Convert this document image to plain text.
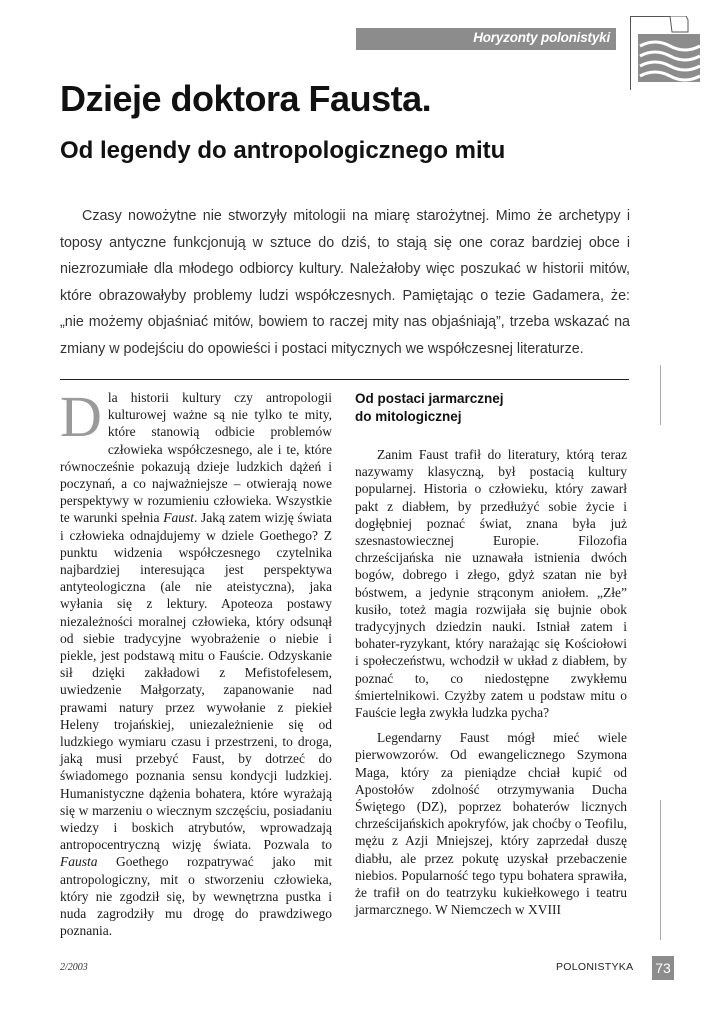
Horyzonty polonistyki
Dzieje doktora Fausta.
Od legendy do antropologicznego mitu

Czasy nowożytne nie stworzyły mitologii na miarę starożytnej. Mimo że archetypy i toposy antyczne funkcjonują w sztuce do dziś, to stają się one coraz bardziej obce i niezrozumiałe dla młodego odbiorcy kultury. Należałoby więc poszukać w historii mitów, które obrazowałyby problemy ludzi współczesnych. Pamiętając o tezie Gadamera, że: „nie możemy objaśniać mitów, bowiem to raczej mity nas objaśniają”, trzeba wskazać na zmiany w podejściu do opowieści i postaci mitycznych we współczesnej literaturze.

Dla historii kultury czy antropologii kulturowej ważne są nie tylko te mity, które stanowią odbicie problemów człowieka współczesnego, ale i te, które równocześnie pokazują dzieje ludzkich dążeń i poczynań, a co najważniejsze – otwierają nowe perspektywy w rozumieniu człowieka. Wszystkie te warunki spełnia Faust. Jaką zatem wizję świata i człowieka odnajdujemy w dziele Goethego? Z punktu widzenia współczesnego czytelnika najbardziej interesująca jest perspektywa antyteologiczna (ale nie ateistyczna), jaka wyłania się z lektury. Apoteoza postawy niezależności moralnej człowieka, który odsunął od siebie tradycyjne wyobrażenie o niebie i piekle, jest podstawą mitu o Fauście. Odzyskanie sił dzięki zakładowi z Mefistofelesem, uwiedzenie Małgorzaty, zapanowanie nad prawami natury przez wywołanie z piekieł Heleny trojańskiej, uniezależnienie się od ludzkiego wymiaru czasu i przestrzeni, to droga, jaką musi przebyć Faust, by dotrzeć do świadomego poznania sensu kondycji ludzkiej. Humanistyczne dążenia bohatera, które wyrażają się w marzeniu o wiecznym szczęściu, posiadaniu wiedzy i boskich atrybutów, wprowadzają antropocentryczną wizję świata. Pozwala to Fausta Goethego rozpatrywać jako mit antropologiczny, mit o stworzeniu człowieka, który nie zgodził się, by wewnętrzna pustka i nuda zagrodziły mu drogę do prawdziwego poznania.

Od postaci jarmarcznej
do mitologicznej

Zanim Faust trafił do literatury, którą teraz nazywamy klasyczną, był postacią kultury popularnej. Historia o człowieku, który zawarł pakt z diabłem, by przedłużyć sobie życie i dogłębniej poznać świat, znana była już szesnastowiecznej Europie. Filozofia chrześcijańska nie uznawała istnienia dwóch bogów, dobrego i złego, gdyż szatan nie był bóstwem, a jedynie strąconym aniołem. „Złe” kusiło, toteż magia rozwijała się bujnie obok tradycyjnych dziedzin nauki. Istniał zatem i bohater-ryzykant, który narażając się Kościołowi i społeczeństwu, wchodził w układ z diabłem, by poznać to, co niedostępne zwykłemu śmiertelnikowi. Czyżby zatem u podstaw mitu o Fauście legła zwykła ludzka pycha?

Legendarny Faust mógł mieć wiele pierwowzorów. Od ewangelicznego Szymona Maga, który za pieniądze chciał kupić od Apostołów zdolność otrzymywania Ducha Świętego (DZ), poprzez bohaterów licznych chrześcijańskich apokryfów, jak choćby o Teofilu, mężu z Azji Mniejszej, który zaprzedał duszę diabłu, ale przez pokutę uzyskał przebaczenie niebios. Popularność tego typu bohatera sprawiła, że trafił on do teatrzyku kukiełkowego i teatru jarmarcznego. W Niemczech w XVIII

2/2003	POLONISTYKA 73
